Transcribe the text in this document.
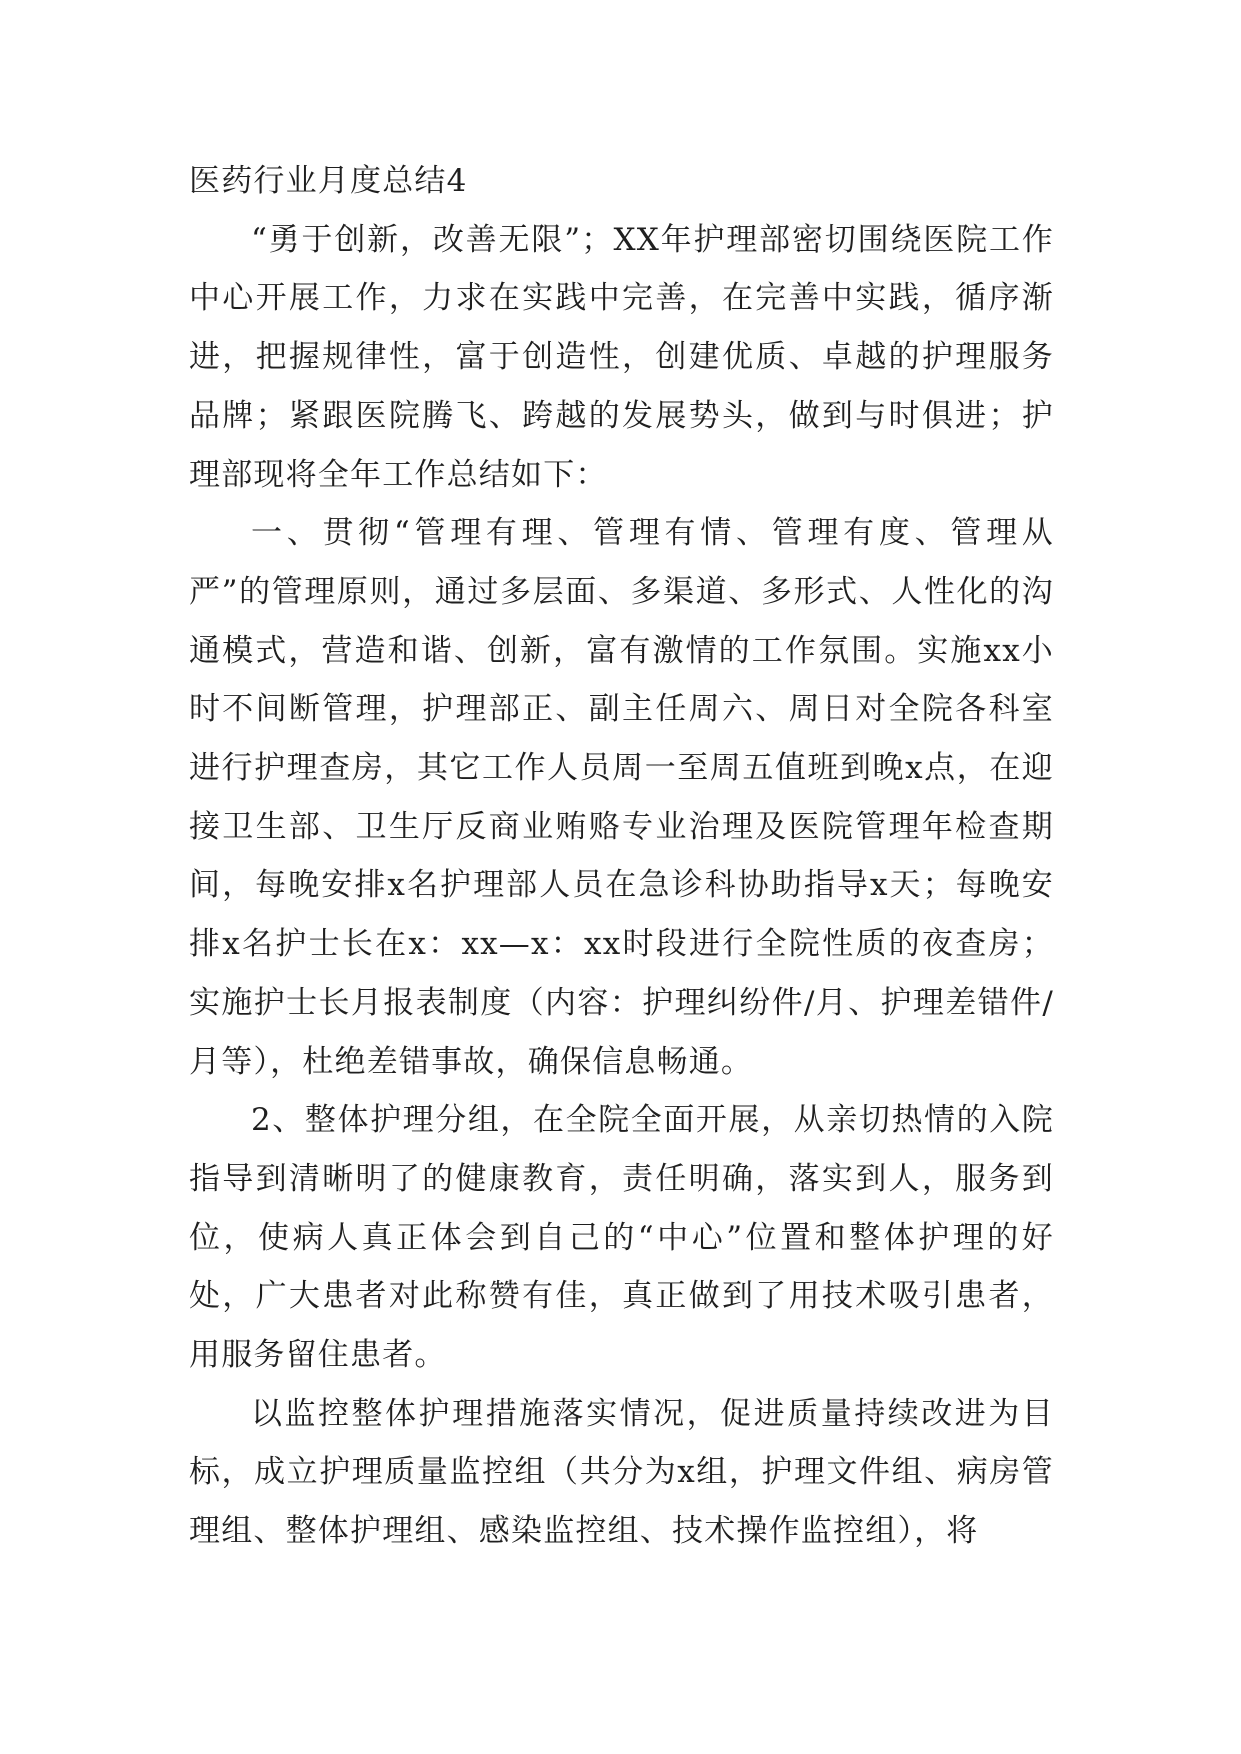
医药行业月度总结4

“勇于创新，改善无限”；XX年护理部密切围绕医院工作中心开展工作，力求在实践中完善，在完善中实践，循序渐进，把握规律性，富于创造性，创建优质、卓越的护理服务品牌；紧跟医院腾飞、跨越的发展势头，做到与时俱进；护理部现将全年工作总结如下：

一、贯彻“管理有理、管理有情、管理有度、管理从严”的管理原则，通过多层面、多渠道、多形式、人性化的沟通模式，营造和谐、创新，富有激情的工作氛围。实施xx小时不间断管理，护理部正、副主任周六、周日对全院各科室进行护理查房，其它工作人员周一至周五值班到晚x点，在迎接卫生部、卫生厅反商业贿赂专业治理及医院管理年检查期间，每晚安排x名护理部人员在急诊科协助指导x天；每晚安排x名护士长在x：xx—x：xx时段进行全院性质的夜查房；实施护士长月报表制度（内容：护理纠纷件/月、护理差错件/月等），杜绝差错事故，确保信息畅通。

2、整体护理分组，在全院全面开展，从亲切热情的入院指导到清晰明了的健康教育，责任明确，落实到人，服务到位，使病人真正体会到自己的“中心”位置和整体护理的好处，广大患者对此称赞有佳，真正做到了用技术吸引患者，用服务留住患者。

以监控整体护理措施落实情况，促进质量持续改进为目标，成立护理质量监控组（共分为x组，护理文件组、病房管理组、整体护理组、感染监控组、技术操作监控组），将
